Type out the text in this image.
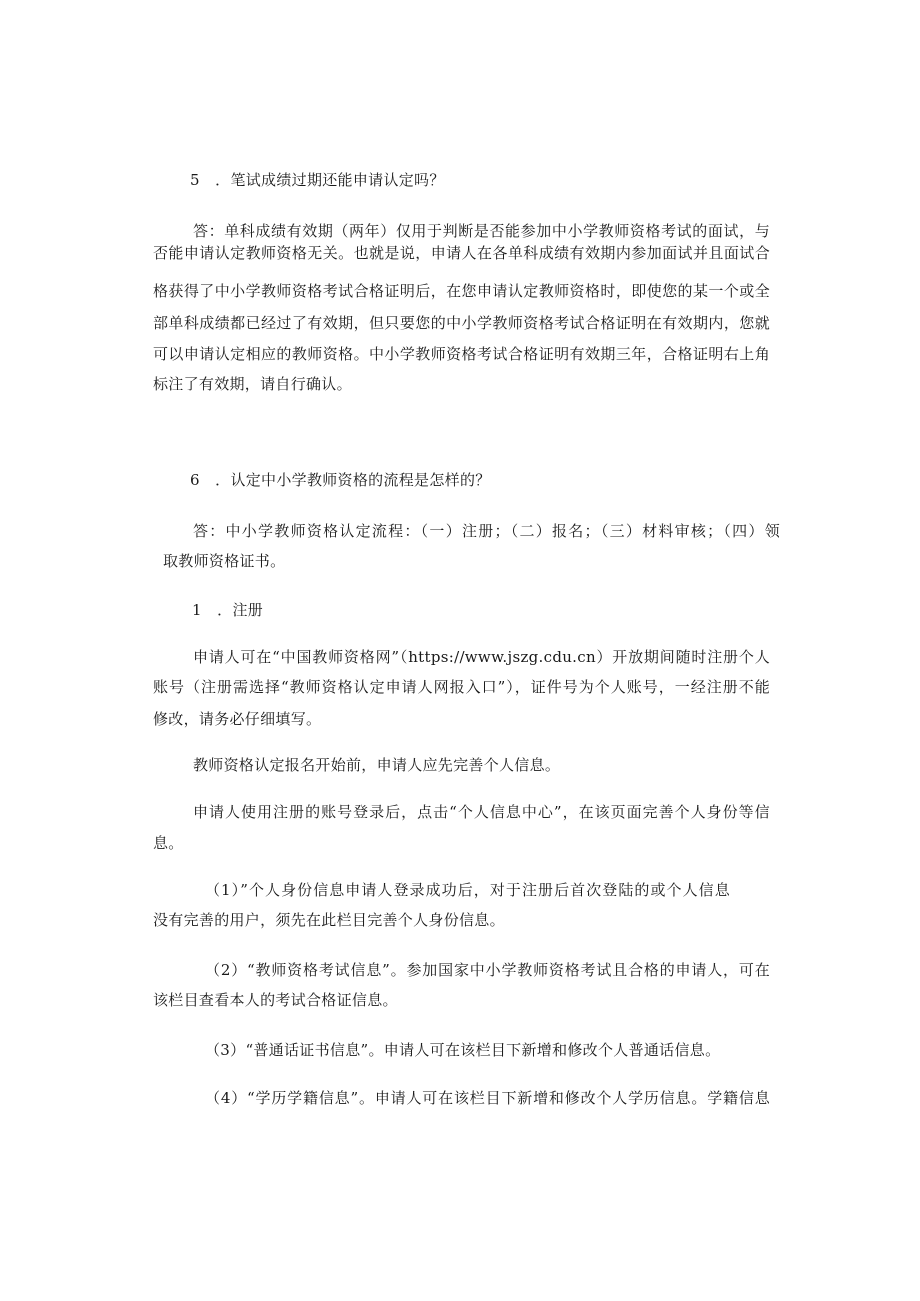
5　．笔试成绩过期还能申请认定吗？
答：单科成绩有效期（两年）仅用于判断是否能参加中小学教师资格考试的面试，与
否能申请认定教师资格无关。也就是说，申请人在各单科成绩有效期内参加面试并且面试合
格获得了中小学教师资格考试合格证明后，在您申请认定教师资格时，即使您的某一个或全
部单科成绩都已经过了有效期，但只要您的中小学教师资格考试合格证明在有效期内，您就
可以申请认定相应的教师资格。中小学教师资格考试合格证明有效期三年，合格证明右上角
标注了有效期，请自行确认。
6　．认定中小学教师资格的流程是怎样的？
答：中小学教师资格认定流程：（一）注册；（二）报名；（三）材料审核；（四）领
取教师资格证书。
1　．注册
申请人可在“中国教师资格网”（https://www.jszg.cdu.cn）开放期间随时注册个人
账号（注册需选择“教师资格认定申请人网报入口”），证件号为个人账号，一经注册不能
修改，请务必仔细填写。
教师资格认定报名开始前，申请人应先完善个人信息。
申请人使用注册的账号登录后，点击“个人信息中心”，在该页面完善个人身份等信
息。
（1）”个人身份信息申请人登录成功后，对于注册后首次登陆的或个人信息
没有完善的用户，须先在此栏目完善个人身份信息。
（2）“教师资格考试信息”。参加国家中小学教师资格考试且合格的申请人，可在
该栏目查看本人的考试合格证信息。
（3）“普通话证书信息”。申请人可在该栏目下新增和修改个人普通话信息。
（4）“学历学籍信息”。申请人可在该栏目下新增和修改个人学历信息。学籍信息
